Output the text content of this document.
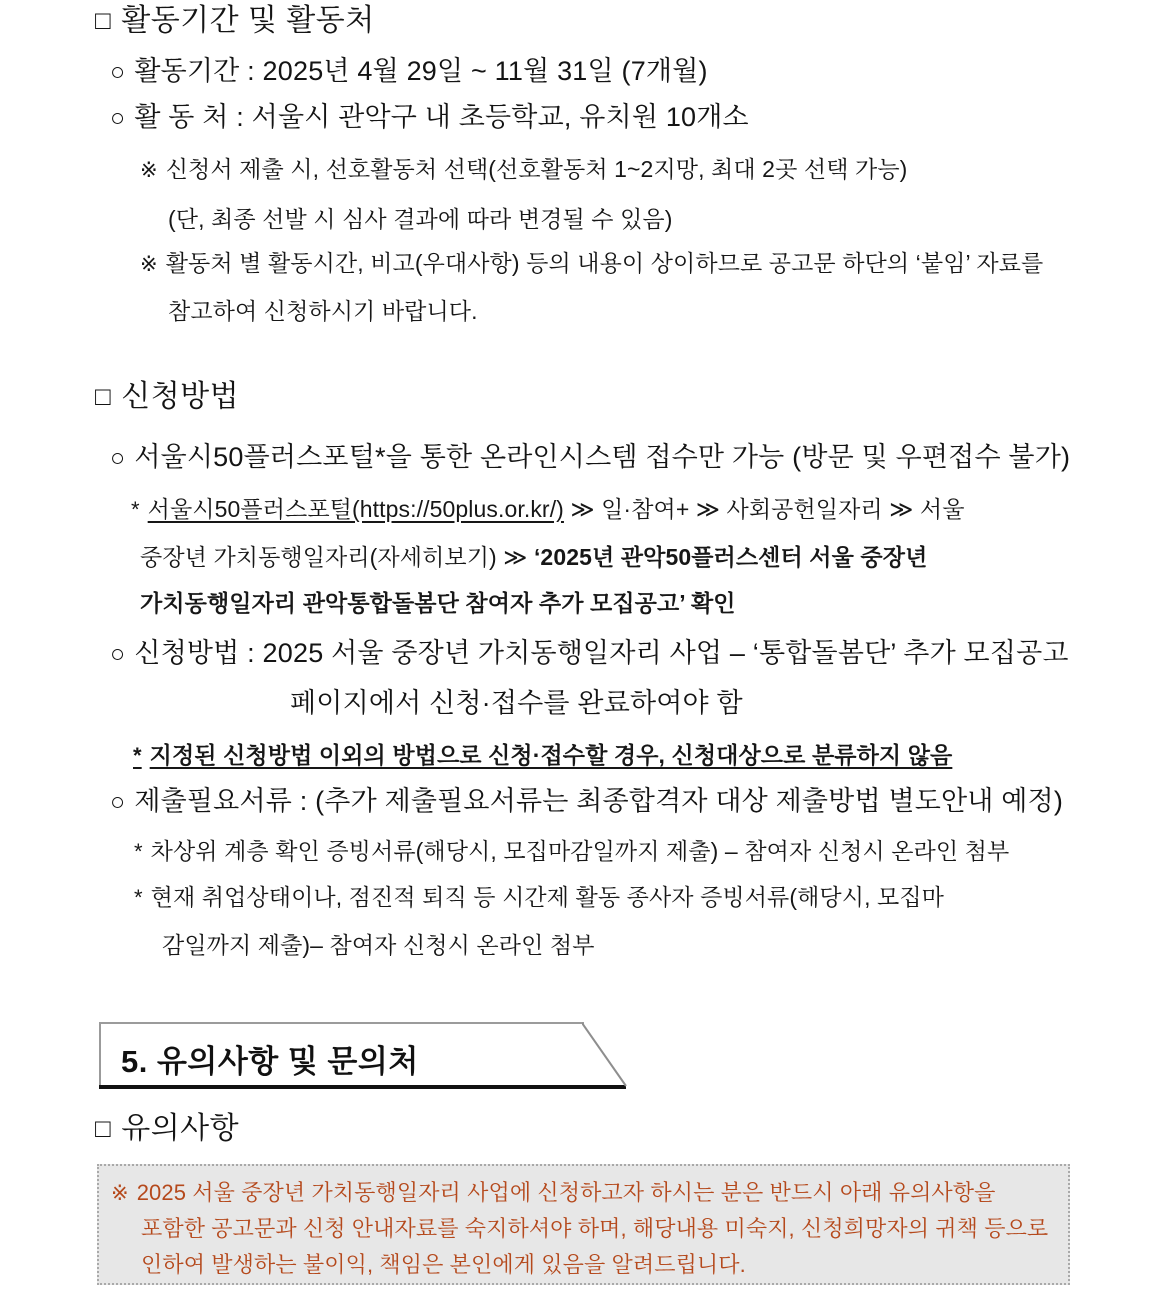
□ 활동기간 및 활동처
○ 활동기간 : 2025년 4월 29일 ~ 11월 31일 (7개월)
○ 활 동 처 : 서울시 관악구 내 초등학교, 유치원 10개소
※ 신청서 제출 시, 선호활동처 선택(선호활동처 1~2지망, 최대 2곳 선택 가능)
(단, 최종 선발 시 심사 결과에 따라 변경될 수 있음)
※ 활동처 별 활동시간, 비고(우대사항) 등의 내용이 상이하므로 공고문 하단의 ‘붙임’ 자료를
참고하여 신청하시기 바랍니다.
□ 신청방법
○ 서울시50플러스포털*을 통한 온라인시스템 접수만 가능 (방문 및 우편접수 불가)
* 서울시50플러스포털(https://50plus.or.kr/) ≫ 일·참여+ ≫ 사회공헌일자리 ≫ 서울
중장년 가치동행일자리(자세히보기) ≫ ‘2025년 관악50플러스센터 서울 중장년
가치동행일자리 관악통합돌봄단 참여자 추가 모집공고’ 확인
○ 신청방법 : 2025 서울 중장년 가치동행일자리 사업 – ‘통합돌봄단’ 추가 모집공고
페이지에서 신청·접수를 완료하여야 함
* 지정된 신청방법 이외의 방법으로 신청·접수할 경우, 신청대상으로 분류하지 않음
○ 제출필요서류 : (추가 제출필요서류는 최종합격자 대상 제출방법 별도안내 예정)
* 차상위 계층 확인 증빙서류(해당시, 모집마감일까지 제출) – 참여자 신청시 온라인 첨부
* 현재 취업상태이나, 점진적 퇴직 등 시간제 활동 종사자 증빙서류(해당시, 모집마
감일까지 제출)– 참여자 신청시 온라인 첨부
5. 유의사항 및 문의처
□ 유의사항
※ 2025 서울 중장년 가치동행일자리 사업에 신청하고자 하시는 분은 반드시 아래 유의사항을
포함한 공고문과 신청 안내자료를 숙지하셔야 하며, 해당내용 미숙지, 신청희망자의 귀책 등으로
인하여 발생하는 불이익, 책임은 본인에게 있음을 알려드립니다.
